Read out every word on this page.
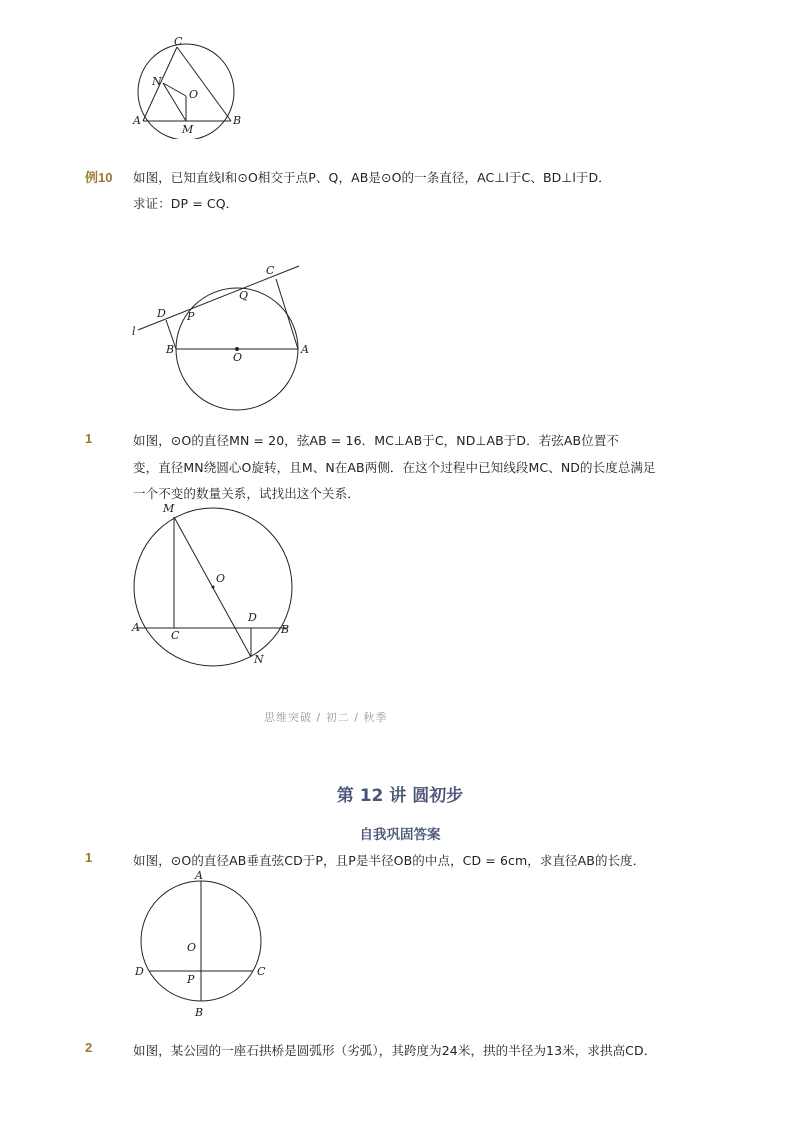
C
N
O
A
M
B
例10 如图，已知直线l和⊙O相交于点P、Q，AB是⊙O的一条直径，AC⊥l于C、BD⊥l于D．
求证：DP = CQ．
C
Q
D P
l
B
O
A
1	如图，⊙O的直径MN = 20，弦AB = 16．MC⊥AB于C，ND⊥AB于D．若弦AB位置不
变，直径MN绕圆心O旋转，且M、N在AB两侧．在这个过程中已知线段MC、ND的长度总满足
一个不变的数量关系，试找出这个关系．
M
O
D
A
C	B
N
思维突破 / 初二 / 秋季
第 12 讲 圆初步
自我巩固答案
1	如图，⊙O的直径AB垂直弦CD于P，且P是半径OB的中点，CD = 6cm，求直径AB的长度．
A
O
D
P
C
B
2	如图，某公园的一座石拱桥是圆弧形（劣弧），其跨度为24米，拱的半径为13米，求拱高CD．
